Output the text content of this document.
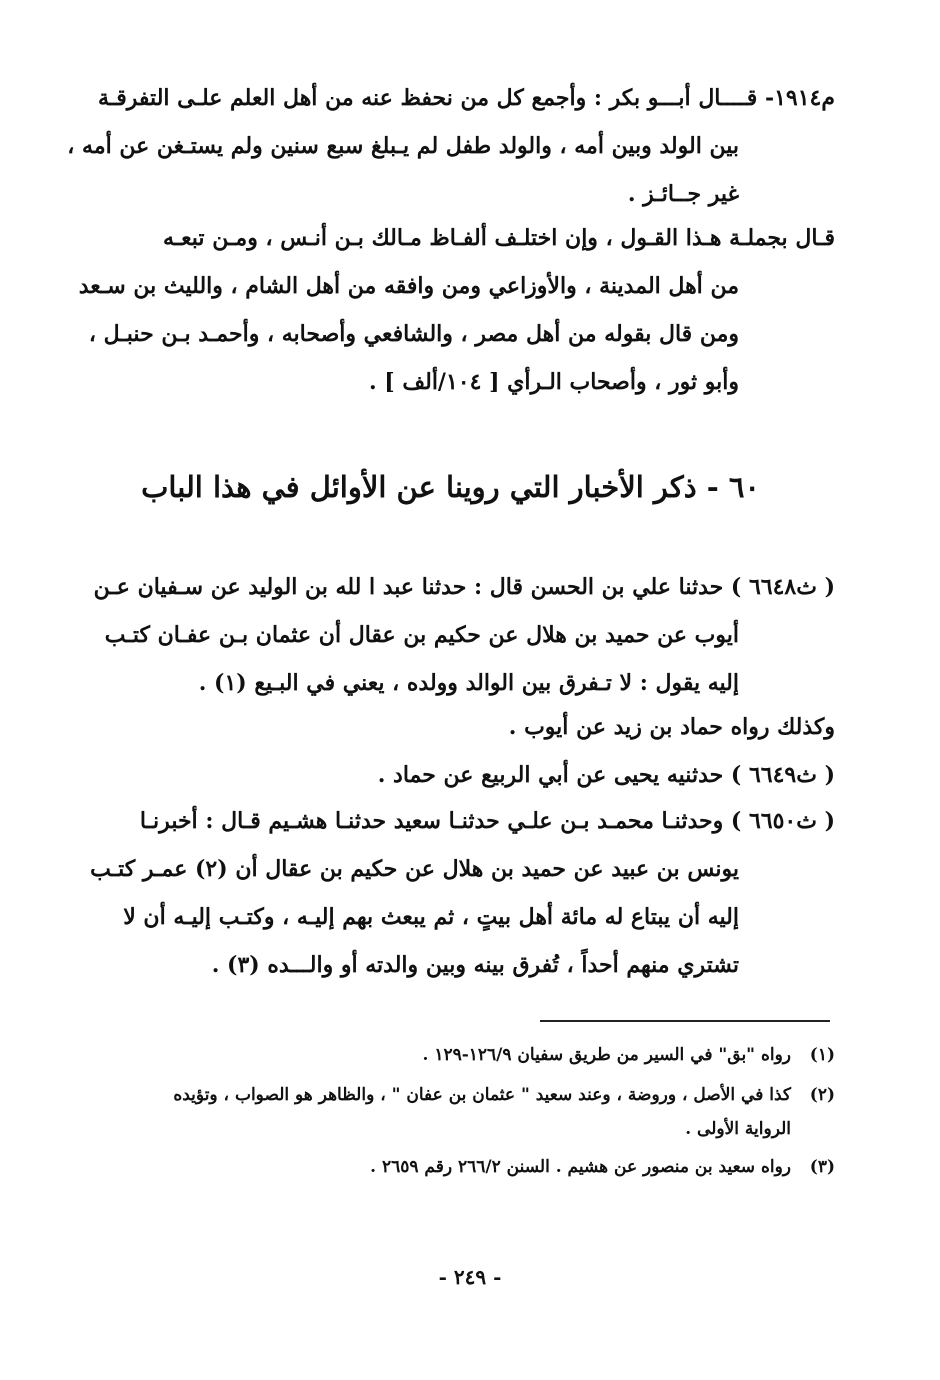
م١٩١٤- قــــال أبـــو بكر : وأجمع كل من نحفظ عنه من أهل العلم علـى التفرقـة
بين الولد وبين أمه ، والولد طفل لم يـبلغ سبع سنين ولم يستـغن عن أمه ،
غير جــائـز .
قـال بجملـة هـذا القـول ، وإن اختلـف ألفـاظ مـالك بـن أنـس ، ومـن تبعـه
من أهل المدينة ، والأوزاعي ومن وافقه من أهل الشام ، والليث بن سـعد
ومن قال بقوله من أهل مصر ، والشافعي وأصحابه ، وأحمـد بـن حنبـل ،
وأبو ثور ، وأصحاب الـرأي [ ١٠٤/ألف ] .
٦٠ - ذكر الأخبار التي روينا عن الأوائل في هذا الباب
( ث٦٦٤٨ ) حدثنا علي بن الحسن قال : حدثنا عبد ا لله بن الوليد عن سـفيان عـن
أيوب عن حميد بن هلال عن حكيم بن عقال أن عثمان بـن عفـان كتـب
إليه يقول : لا تـفرق بين الوالد وولده ، يعني في البـيع (١) .
وكذلك رواه حماد بن زيد عن أيوب .
( ث٦٦٤٩ ) حدثنيه يحيى عن أبي الربيع عن حماد .
( ث٦٦٥٠ ) وحدثنـا محمـد بـن علـي حدثنـا سعيد حدثنـا هشـيم قـال : أخبرنـا
يونس بن عبيد عن حميد بن هلال عن حكيم بن عقال أن (٢) عمـر كتـب
إليه أن يبتاع له مائة أهل بيتٍ ، ثم يبعث بهم إليـه ، وكتـب إليـه أن لا
تشتري منهم أحداً ، تُفرق بينه وبين والدته أو والـــده (٣) .
(١)
رواه "بق" في السير من طريق سفيان ١٢٦/٩-١٢٩ .
(٢)
كذا في الأصل ، وروضة ، وعند سعيد " عثمان بن عفان " ، والظاهر هو الصواب ، وتؤيده
الرواية الأولى .
(٣)
رواه سعيد بن منصور عن هشيم . السنن ٢٦٦/٢ رقم ٢٦٥٩ .
- ٢٤٩ -
